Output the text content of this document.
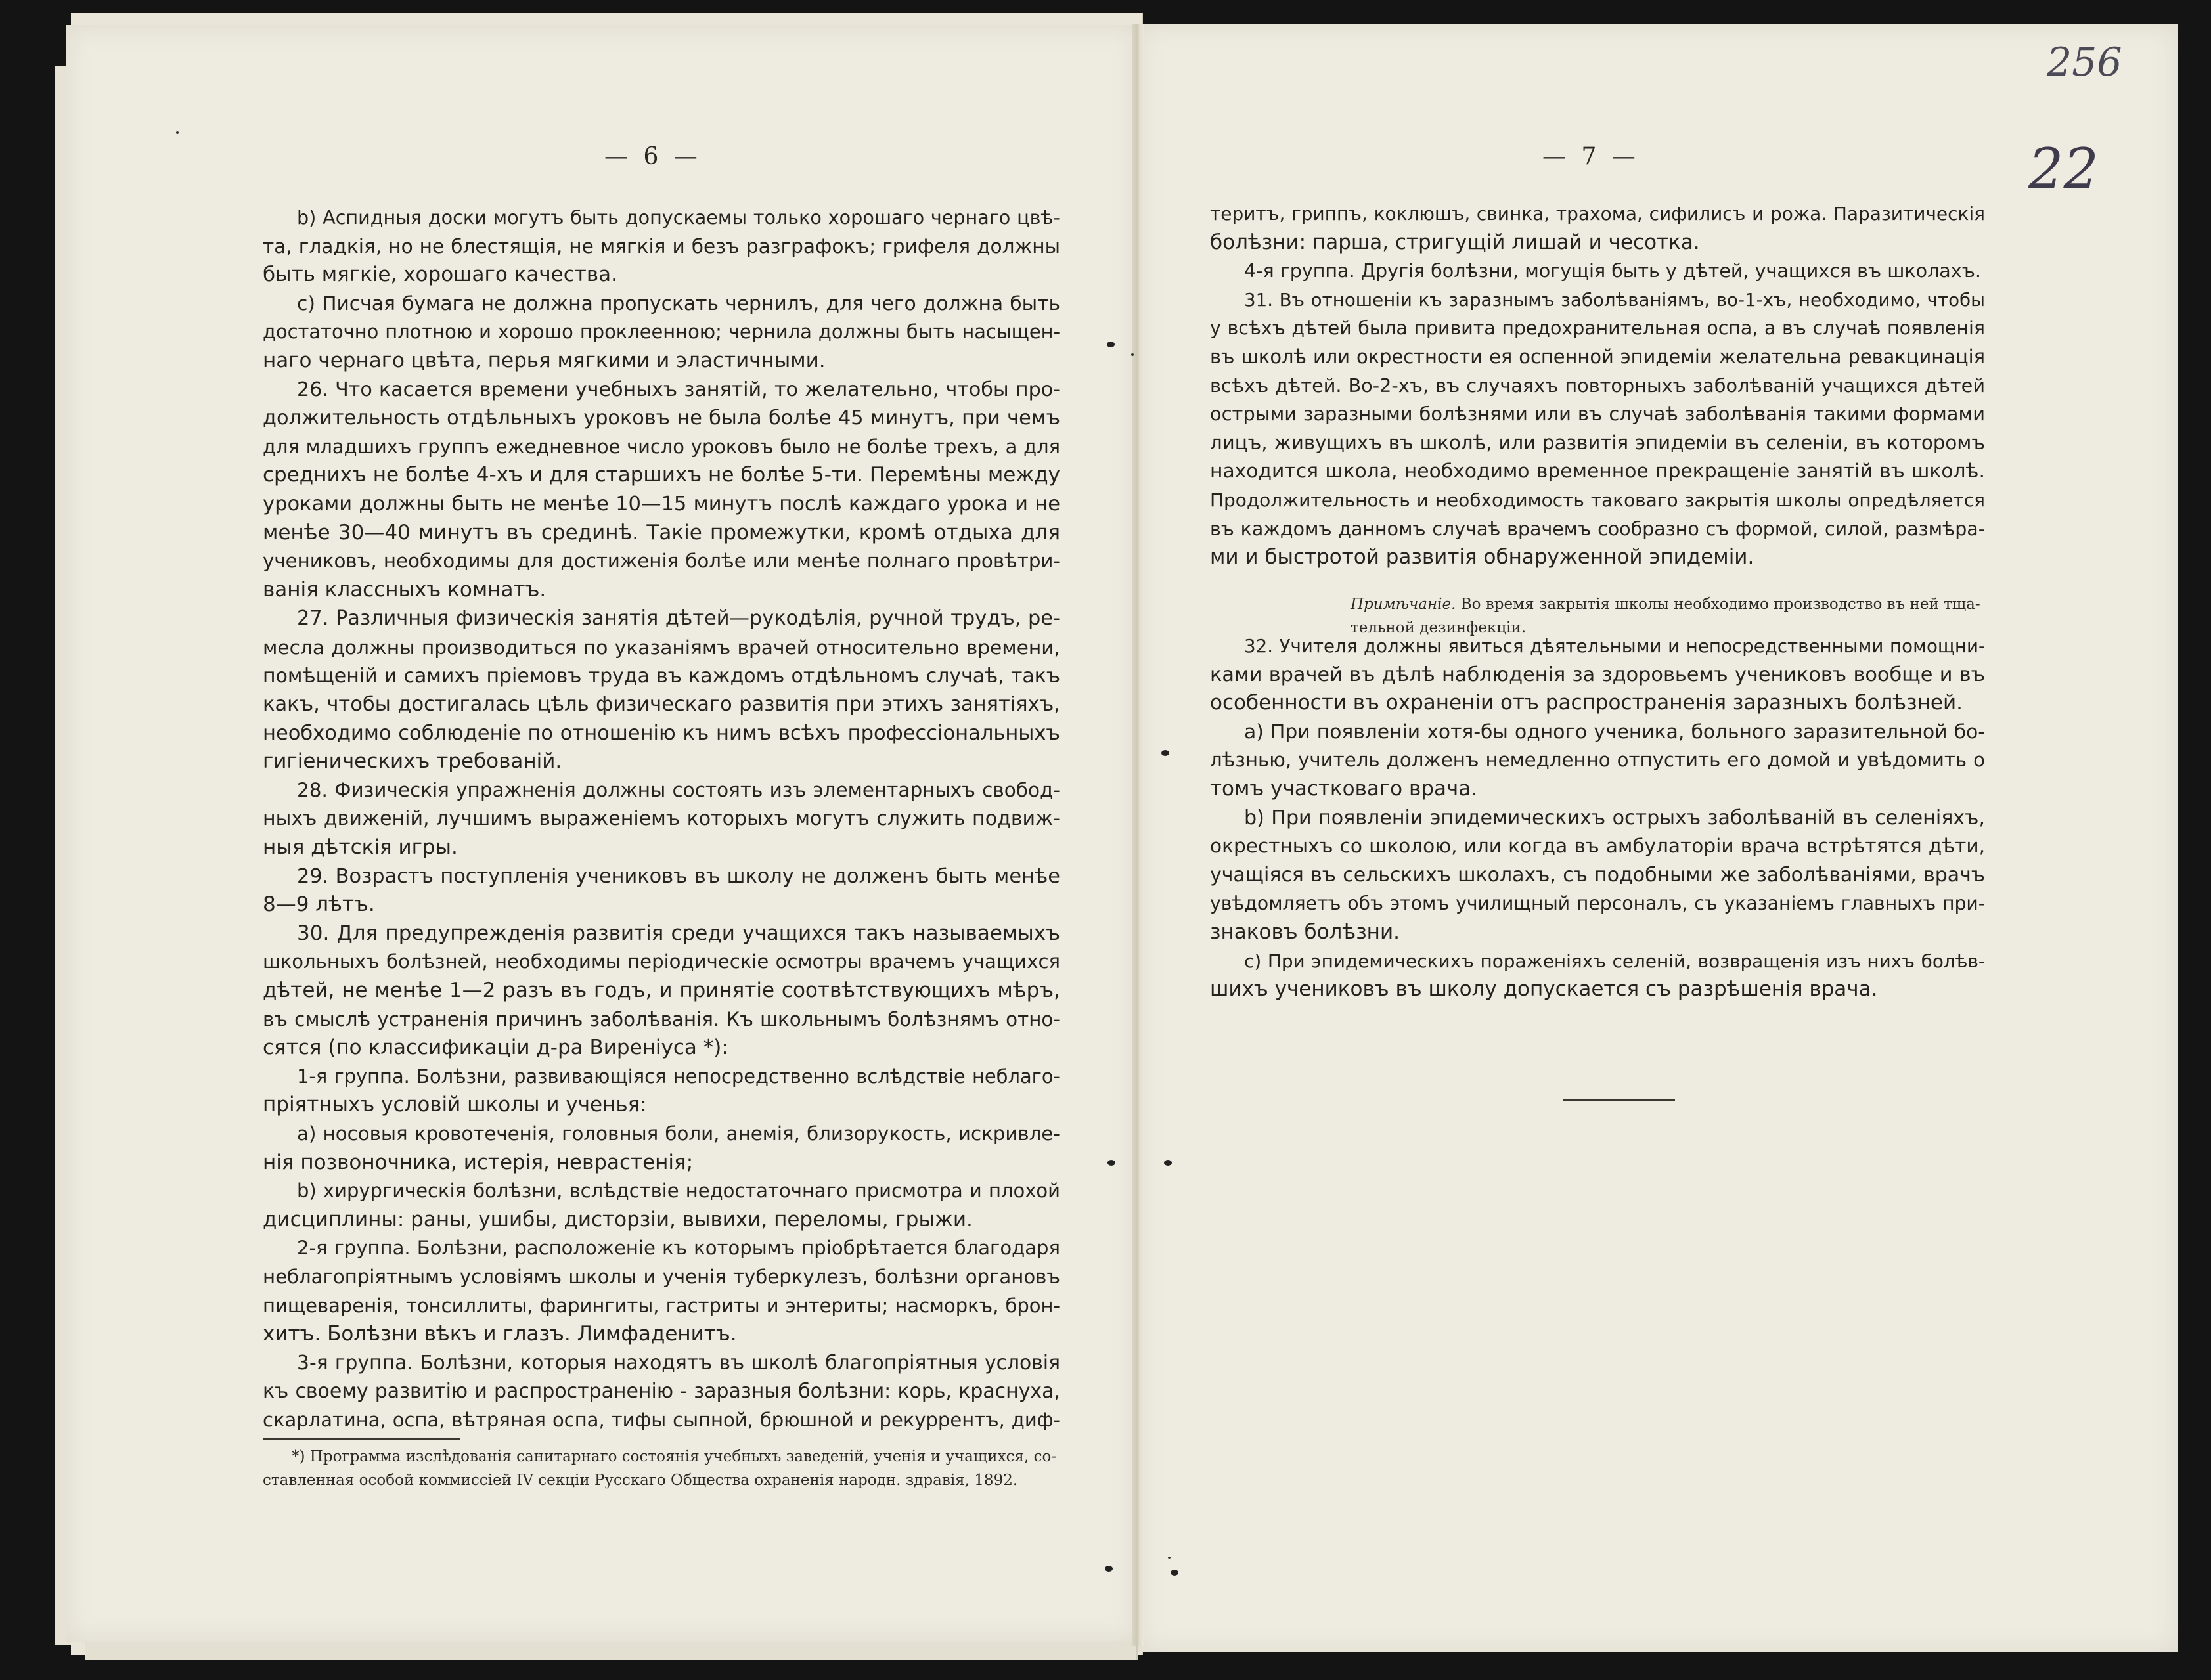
256
22
— 6 —	— 7 —
b) Аспидныя доски могутъ быть допускаемы только хорошаго чернаго цвѣ-
та, гладкія, но не блестящія, не мягкія и безъ разграфокъ; грифеля должны
быть мягкіе, хорошаго качества.
c) Писчая бумага не должна пропускать чернилъ, для чего должна быть
достаточно плотною и хорошо проклеенною; чернила должны быть насыщен-
наго чернаго цвѣта, перья мягкими и эластичными.
26. Что касается времени учебныхъ занятій, то желательно, чтобы про-
должительность отдѣльныхъ уроковъ не была болѣе 45 минутъ, при чемъ
для младшихъ группъ ежедневное число уроковъ было не болѣе трехъ, а для
среднихъ не болѣе 4-хъ и для старшихъ не болѣе 5-ти. Перемѣны между
уроками должны быть не менѣе 10—15 минутъ послѣ каждаго урока и не
менѣе 30—40 минутъ въ срединѣ. Такіе промежутки, кромѣ отдыха для
учениковъ, необходимы для достиженія болѣе или менѣе полнаго провѣтри-
ванія классныхъ комнатъ.
27. Различныя физическія занятія дѣтей—рукодѣлія, ручной трудъ, ре-
месла должны производиться по указаніямъ врачей относительно времени,
помѣщеній и самихъ пріемовъ труда въ каждомъ отдѣльномъ случаѣ, такъ
какъ, чтобы достигалась цѣль физическаго развитія при этихъ занятіяхъ,
необходимо соблюденіе по отношенію къ нимъ всѣхъ профессіональныхъ
гигіеническихъ требованій.
28. Физическія упражненія должны состоять изъ элементарныхъ свобод-
ныхъ движеній, лучшимъ выраженіемъ которыхъ могутъ служить подвиж-
ныя дѣтскія игры.
29. Возрастъ поступленія учениковъ въ школу не долженъ быть менѣе
8—9 лѣтъ.
30. Для предупрежденія развитія среди учащихся такъ называемыхъ
школьныхъ болѣзней, необходимы періодическіе осмотры врачемъ учащихся
дѣтей, не менѣе 1—2 разъ въ годъ, и принятіе соотвѣтствующихъ мѣръ,
въ смыслѣ устраненія причинъ заболѣванія. Къ школьнымъ болѣзнямъ отно-
сятся (по классификаціи д-ра Виреніуса *):
1-я группа. Болѣзни, развивающіяся непосредственно вслѣдствіе неблаго-
пріятныхъ условій школы и ученья:
a) носовыя кровотеченія, головныя боли, анемія, близорукость, искривле-
нія позвоночника, истерія, неврастенія;
b) хирургическія болѣзни, вслѣдствіе недостаточнаго присмотра и плохой
дисциплины: раны, ушибы, дисторзіи, вывихи, переломы, грыжи.
2-я группа. Болѣзни, расположеніе къ которымъ пріобрѣтается благодаря
неблагопріятнымъ условіямъ школы и ученія туберкулезъ, болѣзни органовъ
пищеваренія, тонсиллиты, фарингиты, гастриты и энтериты; насморкъ, брон-
хитъ. Болѣзни вѣкъ и глазъ. Лимфаденитъ.
3-я группа. Болѣзни, которыя находятъ въ школѣ благопріятныя условія
къ своему развитію и распространенію - заразныя болѣзни: корь, краснуха,
скарлатина, оспа, вѣтряная оспа, тифы сыпной, брюшной и рекуррентъ, диф-
*) Программа изслѣдованія санитарнаго состоянія учебныхъ заведеній, ученія и учащихся, со-
ставленная особой коммиссіей IV секціи Русскаго Общества охраненія народн. здравія, 1892.
теритъ, гриппъ, коклюшъ, свинка, трахома, сифилисъ и рожа. Паразитическія
болѣзни: парша, стригущій лишай и чесотка.
4-я группа. Другія болѣзни, могущія быть у дѣтей, учащихся въ школахъ.
31. Въ отношеніи къ заразнымъ заболѣваніямъ, во-1-хъ, необходимо, чтобы
у всѣхъ дѣтей была привита предохранительная оспа, а въ случаѣ появленія
въ школѣ или окрестности ея оспенной эпидеміи желательна ревакцинація
всѣхъ дѣтей. Во-2-хъ, въ случаяхъ повторныхъ заболѣваній учащихся дѣтей
острыми заразными болѣзнями или въ случаѣ заболѣванія такими формами
лицъ, живущихъ въ школѣ, или развитія эпидеміи въ селеніи, въ которомъ
находится школа, необходимо временное прекращеніе занятій въ школѣ.
Продолжительность и необходимость таковаго закрытія школы опредѣляется
въ каждомъ данномъ случаѣ врачемъ сообразно съ формой, силой, размѣра-
ми и быстротой развитія обнаруженной эпидеміи.
Примѣчаніе. Во время закрытія школы необходимо производство въ ней тща-
тельной дезинфекціи.
32. Учителя должны явиться дѣятельными и непосредственными помощни-
ками врачей въ дѣлѣ наблюденія за здоровьемъ учениковъ вообще и въ
особенности въ охраненіи отъ распространенія заразныхъ болѣзней.
a) При появленіи хотя-бы одного ученика, больного заразительной бо-
лѣзнью, учитель долженъ немедленно отпустить его домой и увѣдомить о
томъ участковаго врача.
b) При появленіи эпидемическихъ острыхъ заболѣваній въ селеніяхъ,
окрестныхъ со школою, или когда въ амбулаторіи врача встрѣтятся дѣти,
учащіяся въ сельскихъ школахъ, съ подобными же заболѣваніями, врачъ
увѣдомляетъ объ этомъ училищный персоналъ, съ указаніемъ главныхъ при-
знаковъ болѣзни.
c) При эпидемическихъ пораженіяхъ селеній, возвращенія изъ нихъ болѣв-
шихъ учениковъ въ школу допускается съ разрѣшенія врача.
